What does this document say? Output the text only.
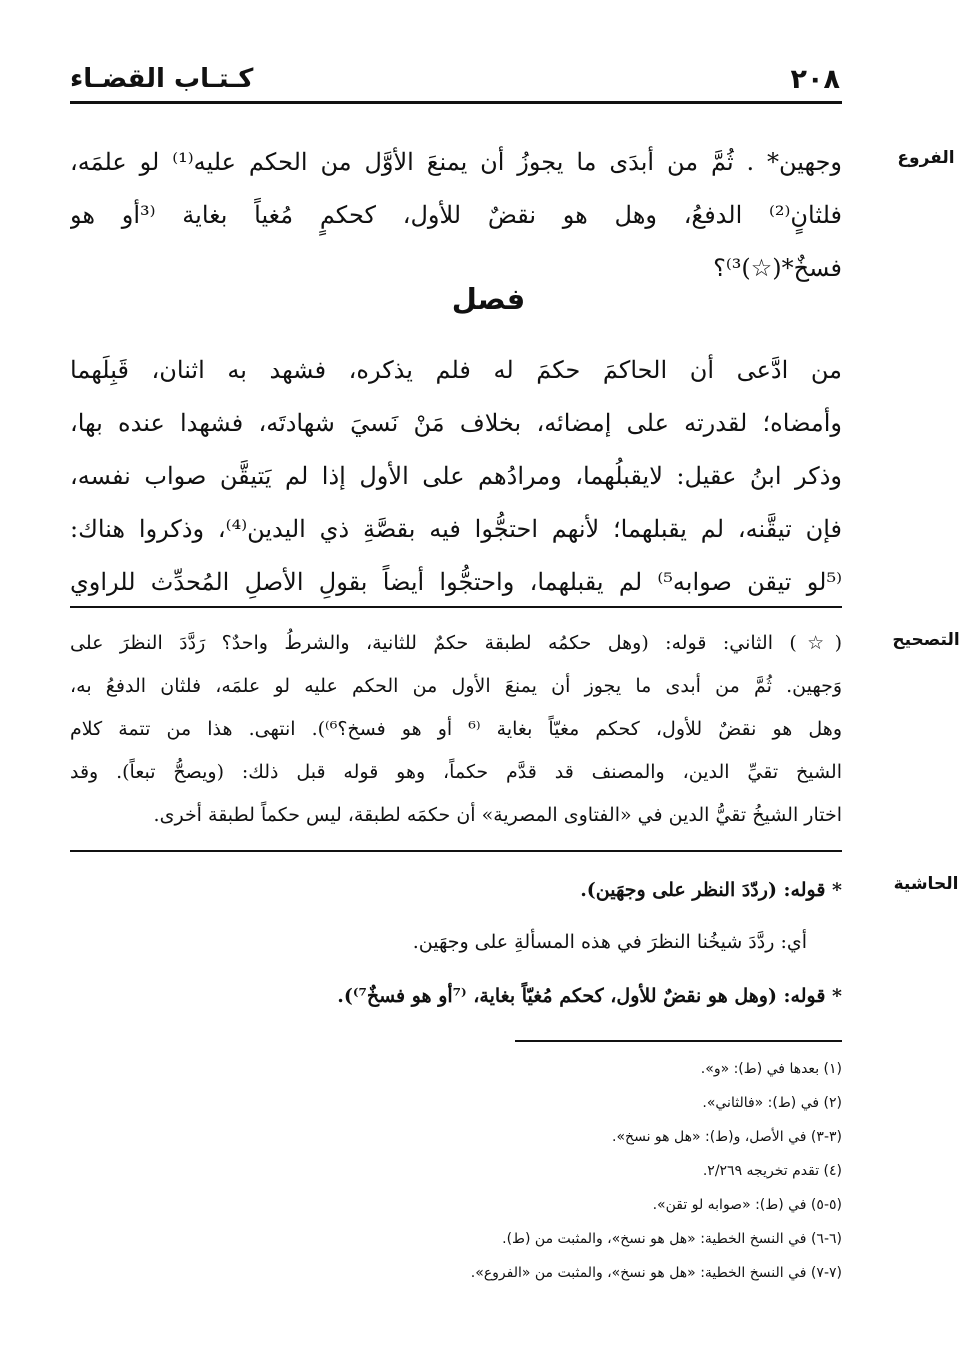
٢٠٨
كـتـاب القضـاء
الفروع
وجهين* . ثُمَّ من أبدَى ما يجوزُ أن يمنعَ الأوَّل من الحكم عليه⁽¹⁾ لو علمَه،
فلثانٍ⁽²⁾ الدفعُ، وهل هو نقضٌ للأول، كحكمٍ مُغياً بغاية ⁽³أو هو
فسخٌ*(☆)³⁾؟
فصل
من ادَّعى أن الحاكمَ حكمَ له فلم يذكره، فشهد به اثنان، قَبِلَهما
وأمضاه؛ لقدرته على إمضائه، بخلاف مَنْ نَسيَ شهادتَه، فشهدا عنده بها،
وذكر ابنُ عقيل: لايقبلُهما، ومرادُهم على الأول إذا لم يَتيقَّن صواب نفسه،
فإن تيقَّنه، لم يقبلهما؛ لأنهم احتجُّوا فيه بقصَّةِ ذي اليدين⁽⁴⁾، وذكروا هناك:
⁽⁵لو تيقن صوابه⁵⁾ لم يقبلهما، واحتجُّوا أيضاً بقولِ الأصلِ المُحدِّث للراوي
التصحيح
(☆) الثاني: قوله: (وهل حكمُه لطبقة حكمٌ للثانية، والشرطُ واحدٌ؟ رَدَّدَ النظرَ على
وَجهين. ثُمَّ من أبدى ما يجوز أن يمنعَ الأول من الحكم عليه لو علمَه، فلثان الدفعُ به،
وهل هو نقضٌ للأول، كحكم مغيّاً بغاية ⁽⁶ أو هو فسخ؟⁶⁾). انتهى. هذا من تتمة كلام
الشيخ تقيِّ الدين، والمصنف قد قدَّم حكماً، وهو قوله قبل ذلك: (ويصحُّ تبعاً). وقد
اختار الشيخُ تقيُّ الدين في «الفتاوى المصرية» أن حكمَه لطبقة، ليس حكماً لطبقة أخرى.
الحاشية
* قوله: (ردّدَ النظر على وجهَين).
أي: ردَّدَ شيخُنا النظرَ في هذه المسألةِ على وجهَين.
* قوله: (وهل هو نقضٌ للأول، كحكم مُغيّاً بغاية، ⁽⁷أو هو فسخٌ⁷⁾).
(١) بعدها في (ط): «و».
(٢) في (ط): «فالثاني».
(٣-٣) في الأصل، و(ط): «هل هو نسخ».
(٤) تقدم تخريجه ٢/٢٦٩.
(٥-٥) في (ط): «صوابه لو تقن».
(٦-٦) في النسخ الخطية: «هل هو نسخ»، والمثبت من (ط).
(٧-٧) في النسخ الخطية: «هل هو نسخ»، والمثبت من «الفروع».
